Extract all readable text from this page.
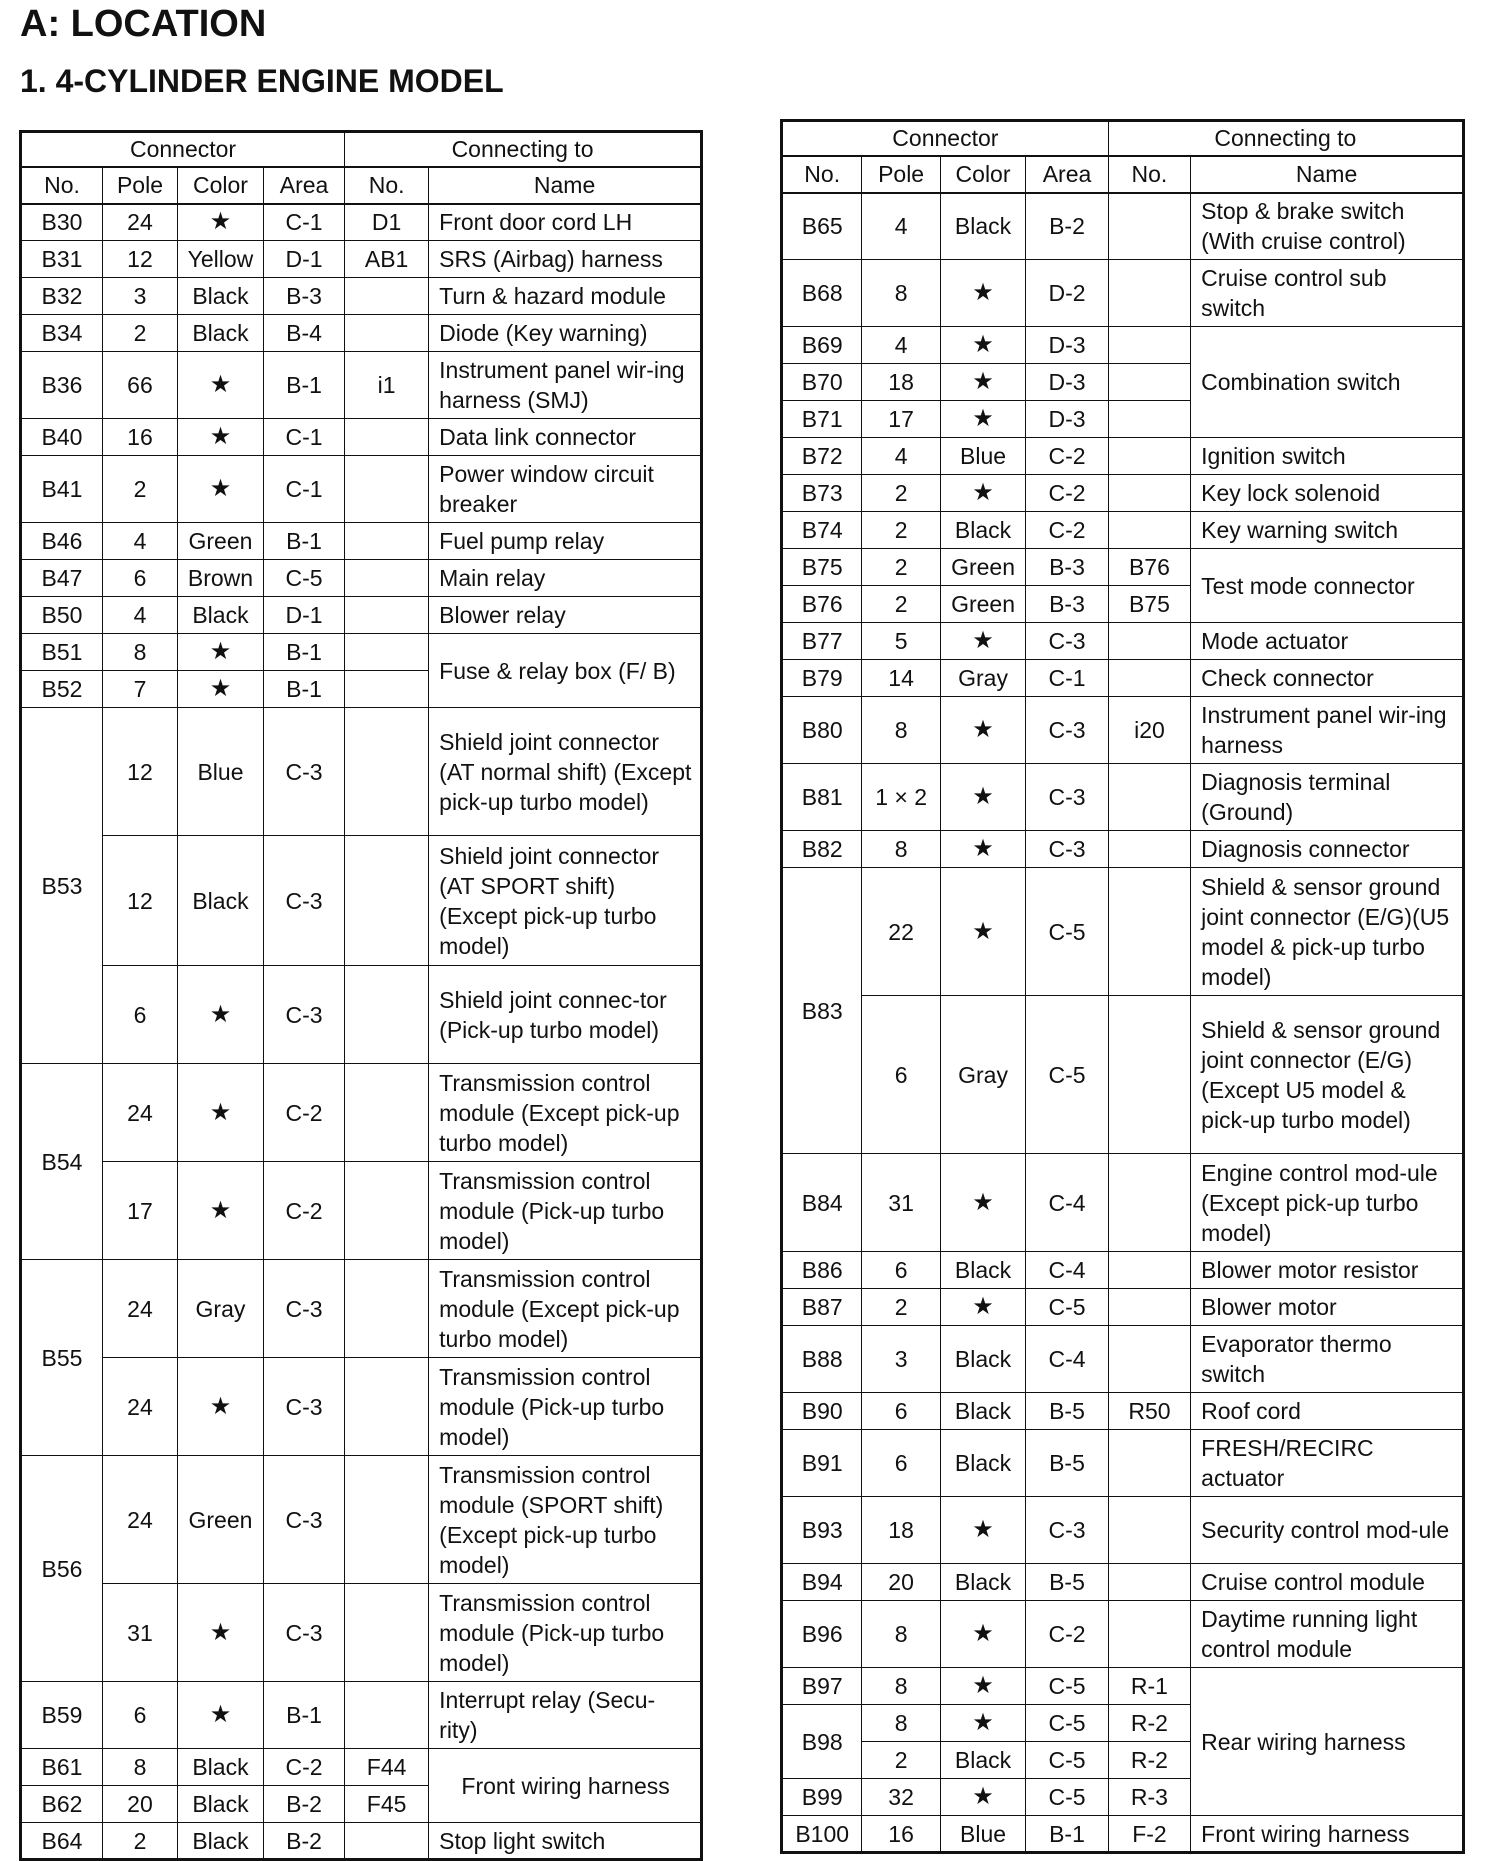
A: LOCATION
1. 4-CYLINDER ENGINE MODEL
Connector				Connecting to	
No.	Pole	Color	Area	No.	Name
B30	24	★	C-1	D1	Front door cord LH
B31	12	Yellow	D-1	AB1	SRS (Airbag) harness
B32	3	Black	B-3		Turn & hazard module
B34	2	Black	B-4		Diode (Key warning)
B36	66	★	B-1	i1	Instrument panel wir-ing harness (SMJ)
B40	16	★	C-1		Data link connector
B41	2	★	C-1		Power window circuit breaker
B46	4	Green	B-1		Fuel pump relay
B47	6	Brown	C-5		Main relay
B50	4	Black	D-1		Blower relay
B51	8	★	B-1		Fuse & relay box (F/ B)
B52	7	★	B-1		
B53	12	Blue	C-3		Shield joint connector (AT normal shift) (Except pick-up turbo model)
	12	Black	C-3		Shield joint connector (AT SPORT shift) (Except pick-up turbo model)
	6	★	C-3		Shield joint connec-tor (Pick-up turbo model)
B54	24	★	C-2		Transmission control module (Except pick-up turbo model)
	17	★	C-2		Transmission control module (Pick-up turbo model)
B55	24	Gray	C-3		Transmission control module (Except pick-up turbo model)
	24	★	C-3		Transmission control module (Pick-up turbo model)
B56	24	Green	C-3		Transmission control module (SPORT shift) (Except pick-up turbo model)
	31	★	C-3		Transmission control module (Pick-up turbo model)
B59	6	★	B-1		Interrupt relay (Secu-rity)
B61	8	Black	C-2	F44	Front wiring harness
B62	20	Black	B-2	F45	
B64	2	Black	B-2		Stop light switch
Connector				Connecting to	
No.	Pole	Color	Area	No.	Name
B65	4	Black	B-2		Stop & brake switch (With cruise control)
B68	8	★	D-2		Cruise control sub switch
B69	4	★	D-3		Combination switch
B70	18	★	D-3		
B71	17	★	D-3		
B72	4	Blue	C-2		Ignition switch
B73	2	★	C-2		Key lock solenoid
B74	2	Black	C-2		Key warning switch
B75	2	Green	B-3	B76	Test mode connector
B76	2	Green	B-3	B75	
B77	5	★	C-3		Mode actuator
B79	14	Gray	C-1		Check connector
B80	8	★	C-3	i20	Instrument panel wir-ing harness
B81	1 × 2	★	C-3		Diagnosis terminal (Ground)
B82	8	★	C-3		Diagnosis connector
B83	22	★	C-5		Shield & sensor ground joint connector (E/G)(U5 model & pick-up turbo model)
	6	Gray	C-5		Shield & sensor ground joint connector (E/G) (Except U5 model & pick-up turbo model)
B84	31	★	C-4		Engine control mod-ule (Except pick-up turbo model)
B86	6	Black	C-4		Blower motor resistor
B87	2	★	C-5		Blower motor
B88	3	Black	C-4		Evaporator thermo switch
B90	6	Black	B-5	R50	Roof cord
B91	6	Black	B-5		FRESH/RECIRC actuator
B93	18	★	C-3		Security control mod-ule
B94	20	Black	B-5		Cruise control module
B96	8	★	C-2		Daytime running light control module
B97	8	★	C-5	R-1	Rear wiring harness
B98	8	★	C-5	R-2	
	2	Black	C-5	R-2	
B99	32	★	C-5	R-3	
B100	16	Blue	B-1	F-2	Front wiring harness
